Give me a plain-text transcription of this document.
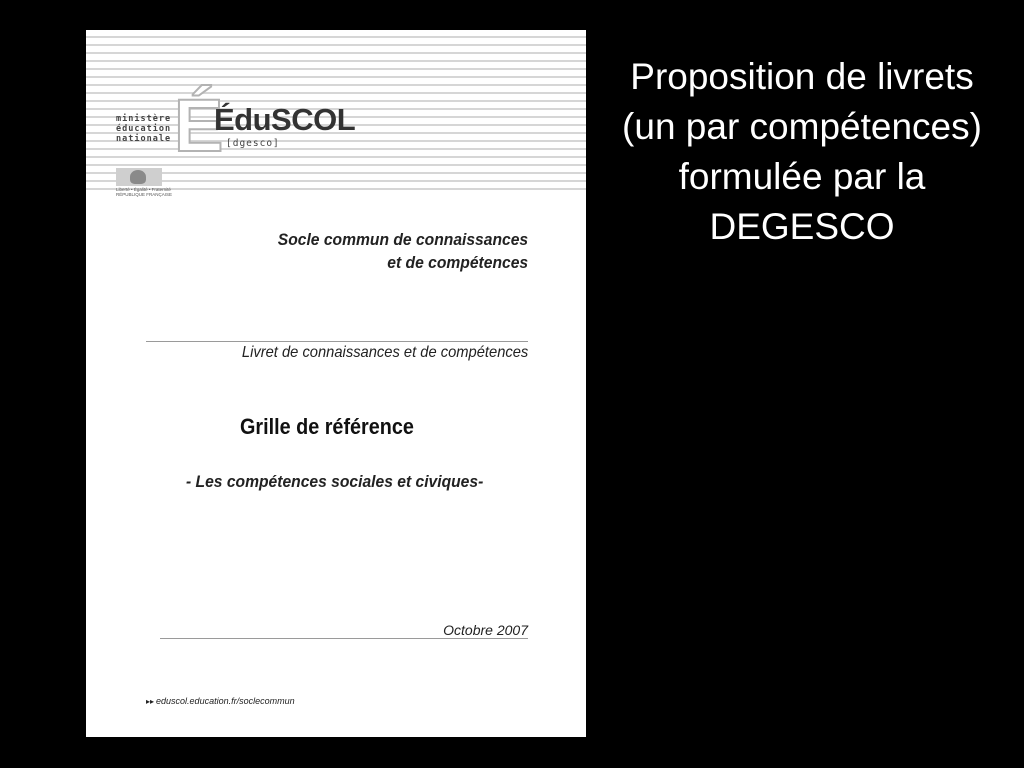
É
ministère
éducation
nationale
ÉduSCOL
[dgesco]
Liberté • Égalité • Fraternité
RÉPUBLIQUE FRANÇAISE
Socle commun de connaissances
et de compétences
Livret de connaissances et de compétences
Grille de référence
- Les compétences sociales et civiques-
Octobre 2007
▸▸ eduscol.education.fr/soclecommun
Proposition de livrets
(un par compétences)
formulée par la
DEGESCO
